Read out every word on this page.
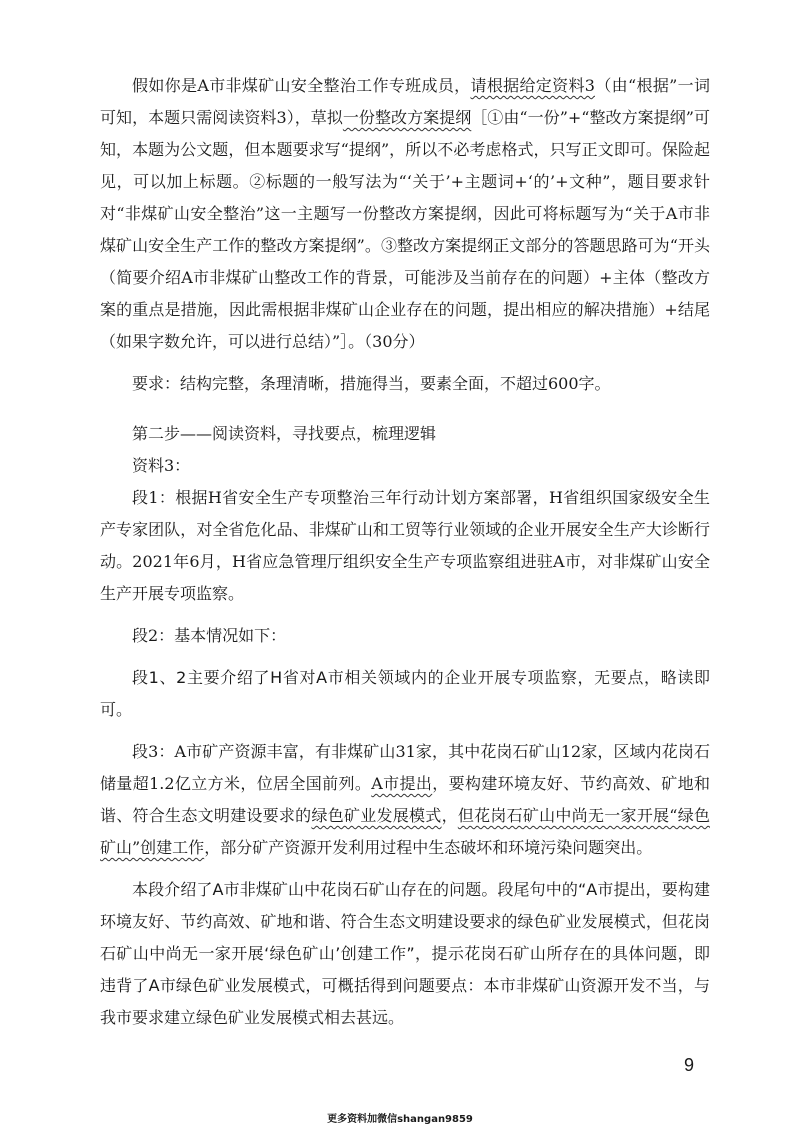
假如你是A市非煤矿山安全整治工作专班成员，请根据给定资料3（由“根据”一词可知，本题只需阅读资料3），草拟一份整改方案提纲［①由“一份”+“整改方案提纲”可知，本题为公文题，但本题要求写“提纲”，所以不必考虑格式，只写正文即可。保险起见，可以加上标题。②标题的一般写法为“‘关于’+主题词+‘的’+文种”，题目要求针对“非煤矿山安全整治”这一主题写一份整改方案提纲，因此可将标题写为“关于A市非煤矿山安全生产工作的整改方案提纲”。③整改方案提纲正文部分的答题思路可为“开头（简要介绍A市非煤矿山整改工作的背景，可能涉及当前存在的问题）+主体（整改方案的重点是措施，因此需根据非煤矿山企业存在的问题，提出相应的解决措施）+结尾（如果字数允许，可以进行总结）”］。（30分）

要求：结构完整，条理清晰，措施得当，要素全面，不超过600字。

第二步——阅读资料，寻找要点，梳理逻辑

资料3：

段1：根据H省安全生产专项整治三年行动计划方案部署，H省组织国家级安全生产专家团队，对全省危化品、非煤矿山和工贸等行业领域的企业开展安全生产大诊断行动。2021年6月，H省应急管理厅组织安全生产专项监察组进驻A市，对非煤矿山安全生产开展专项监察。

段2：基本情况如下：

段1、2主要介绍了H省对A市相关领域内的企业开展专项监察，无要点，略读即可。

段3：A市矿产资源丰富，有非煤矿山31家，其中花岗石矿山12家，区域内花岗石储量超1.2亿立方米，位居全国前列。A市提出，要构建环境友好、节约高效、矿地和谐、符合生态文明建设要求的绿色矿业发展模式，但花岗石矿山中尚无一家开展“绿色矿山”创建工作，部分矿产资源开发利用过程中生态破坏和环境污染问题突出。

本段介绍了A市非煤矿山中花岗石矿山存在的问题。段尾句中的“A市提出，要构建环境友好、节约高效、矿地和谐、符合生态文明建设要求的绿色矿业发展模式，但花岗石矿山中尚无一家开展‘绿色矿山’创建工作”，提示花岗石矿山所存在的具体问题，即违背了A市绿色矿业发展模式，可概括得到问题要点：本市非煤矿山资源开发不当，与我市要求建立绿色矿业发展模式相去甚远。

9
更多资料加微信shangan9859
